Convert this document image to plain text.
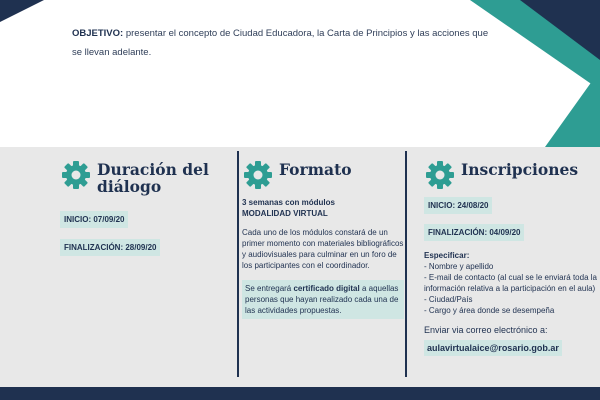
OBJETIVO: presentar el concepto de Ciudad Educadora, la Carta de Principios y las acciones que se llevan adelante.

Duración del
diálogo
INICIO: 07/09/20
FINALIZACIÓN: 28/09/20
Formato
3 semanas con módulos
MODALIDAD VIRTUAL
Cada uno de los módulos constará de un primer momento con materiales bibliográficos y audiovisuales para culminar en un foro de los participantes con el coordinador.
Se entregará certificado digital a aquellas personas que hayan realizado cada una de las actividades propuestas.
Inscripciones
INICIO: 24/08/20
FINALIZACIÓN: 04/09/20
Especificar:
- Nombre y apellido
- E-mail de contacto (al cual se le enviará toda la información relativa a la participación en el aula)
- Ciudad/País
- Cargo y área donde se desempeña
Enviar via correo electrónico a:
aulavirtualaice@rosario.gob.ar
